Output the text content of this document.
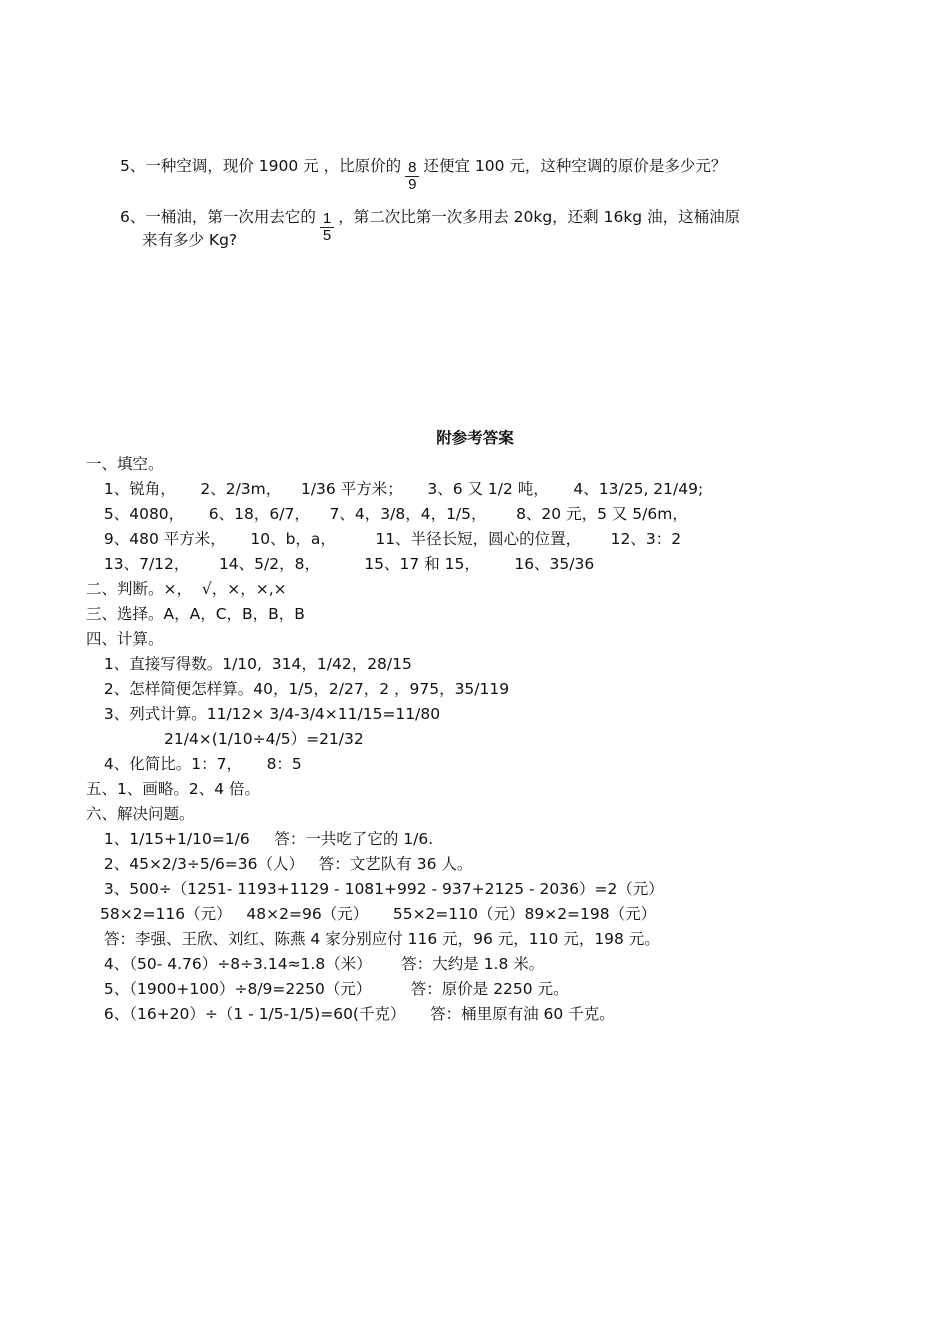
5、一种空调，现价 1900 元 ，比原价的 $\frac{8}{9}$ 还便宜 100 元，这种空调的原价是多少元？
6、一桶油，第一次用去它的 $\frac{1}{5}$ ，第二次比第一次多用去 20kg，还剩 16kg 油，这桶油原
来有多少 Kg?
附参考答案
一、填空。
1、锐角，     2、2/3m，    1/36 平方米；     3、6 又 1/2 吨，     4、13/25, 21/49;
5、4080，     6、18，6/7，    7、4，3/8，4，1/5，      8、20 元，5 又 5/6m，
9、480 平方米，     10、b，a，        11、半径长短，圆心的位置，      12、3：2
13、7/12，      14、5/2，8，         15、17 和 15，       16、35/36
二、判断。×，  √，×，×,×
三、选择。A，A，C，B，B，B
四、计算。
1、直接写得数。1/10,  314，1/42，28/15
2、怎样简便怎样算。40，1/5，2/27，2 ，975，35/119
3、列式计算。11/12× 3/4-3/4×11/15=11/80
21/4×(1/10÷4/5）=21/32
4、化简比。1：7，     8：5
五、1、画略。2、4 倍。
六、解决问题。
1、1/15+1/10=1/6     答：一共吃了它的 1/6.
2、45×2/3÷5/6=36（人）   答：文艺队有 36 人。
3、500÷（1251- 1193+1129 - 1081+992 - 937+2125 - 2036）=2（元）
58×2=116（元）   48×2=96（元）     55×2=110（元）89×2=198（元）
答：李强、王欣、刘红、陈燕 4 家分别应付 116 元，96 元，110 元，198 元。
4、（50- 4.76）÷8÷3.14≈1.8（米）      答：大约是 1.8 米。
5、（1900+100）÷8/9=2250（元）        答：原价是 2250 元。
6、（16+20）÷（1 - 1/5-1/5)=60(千克）     答：桶里原有油 60 千克。
